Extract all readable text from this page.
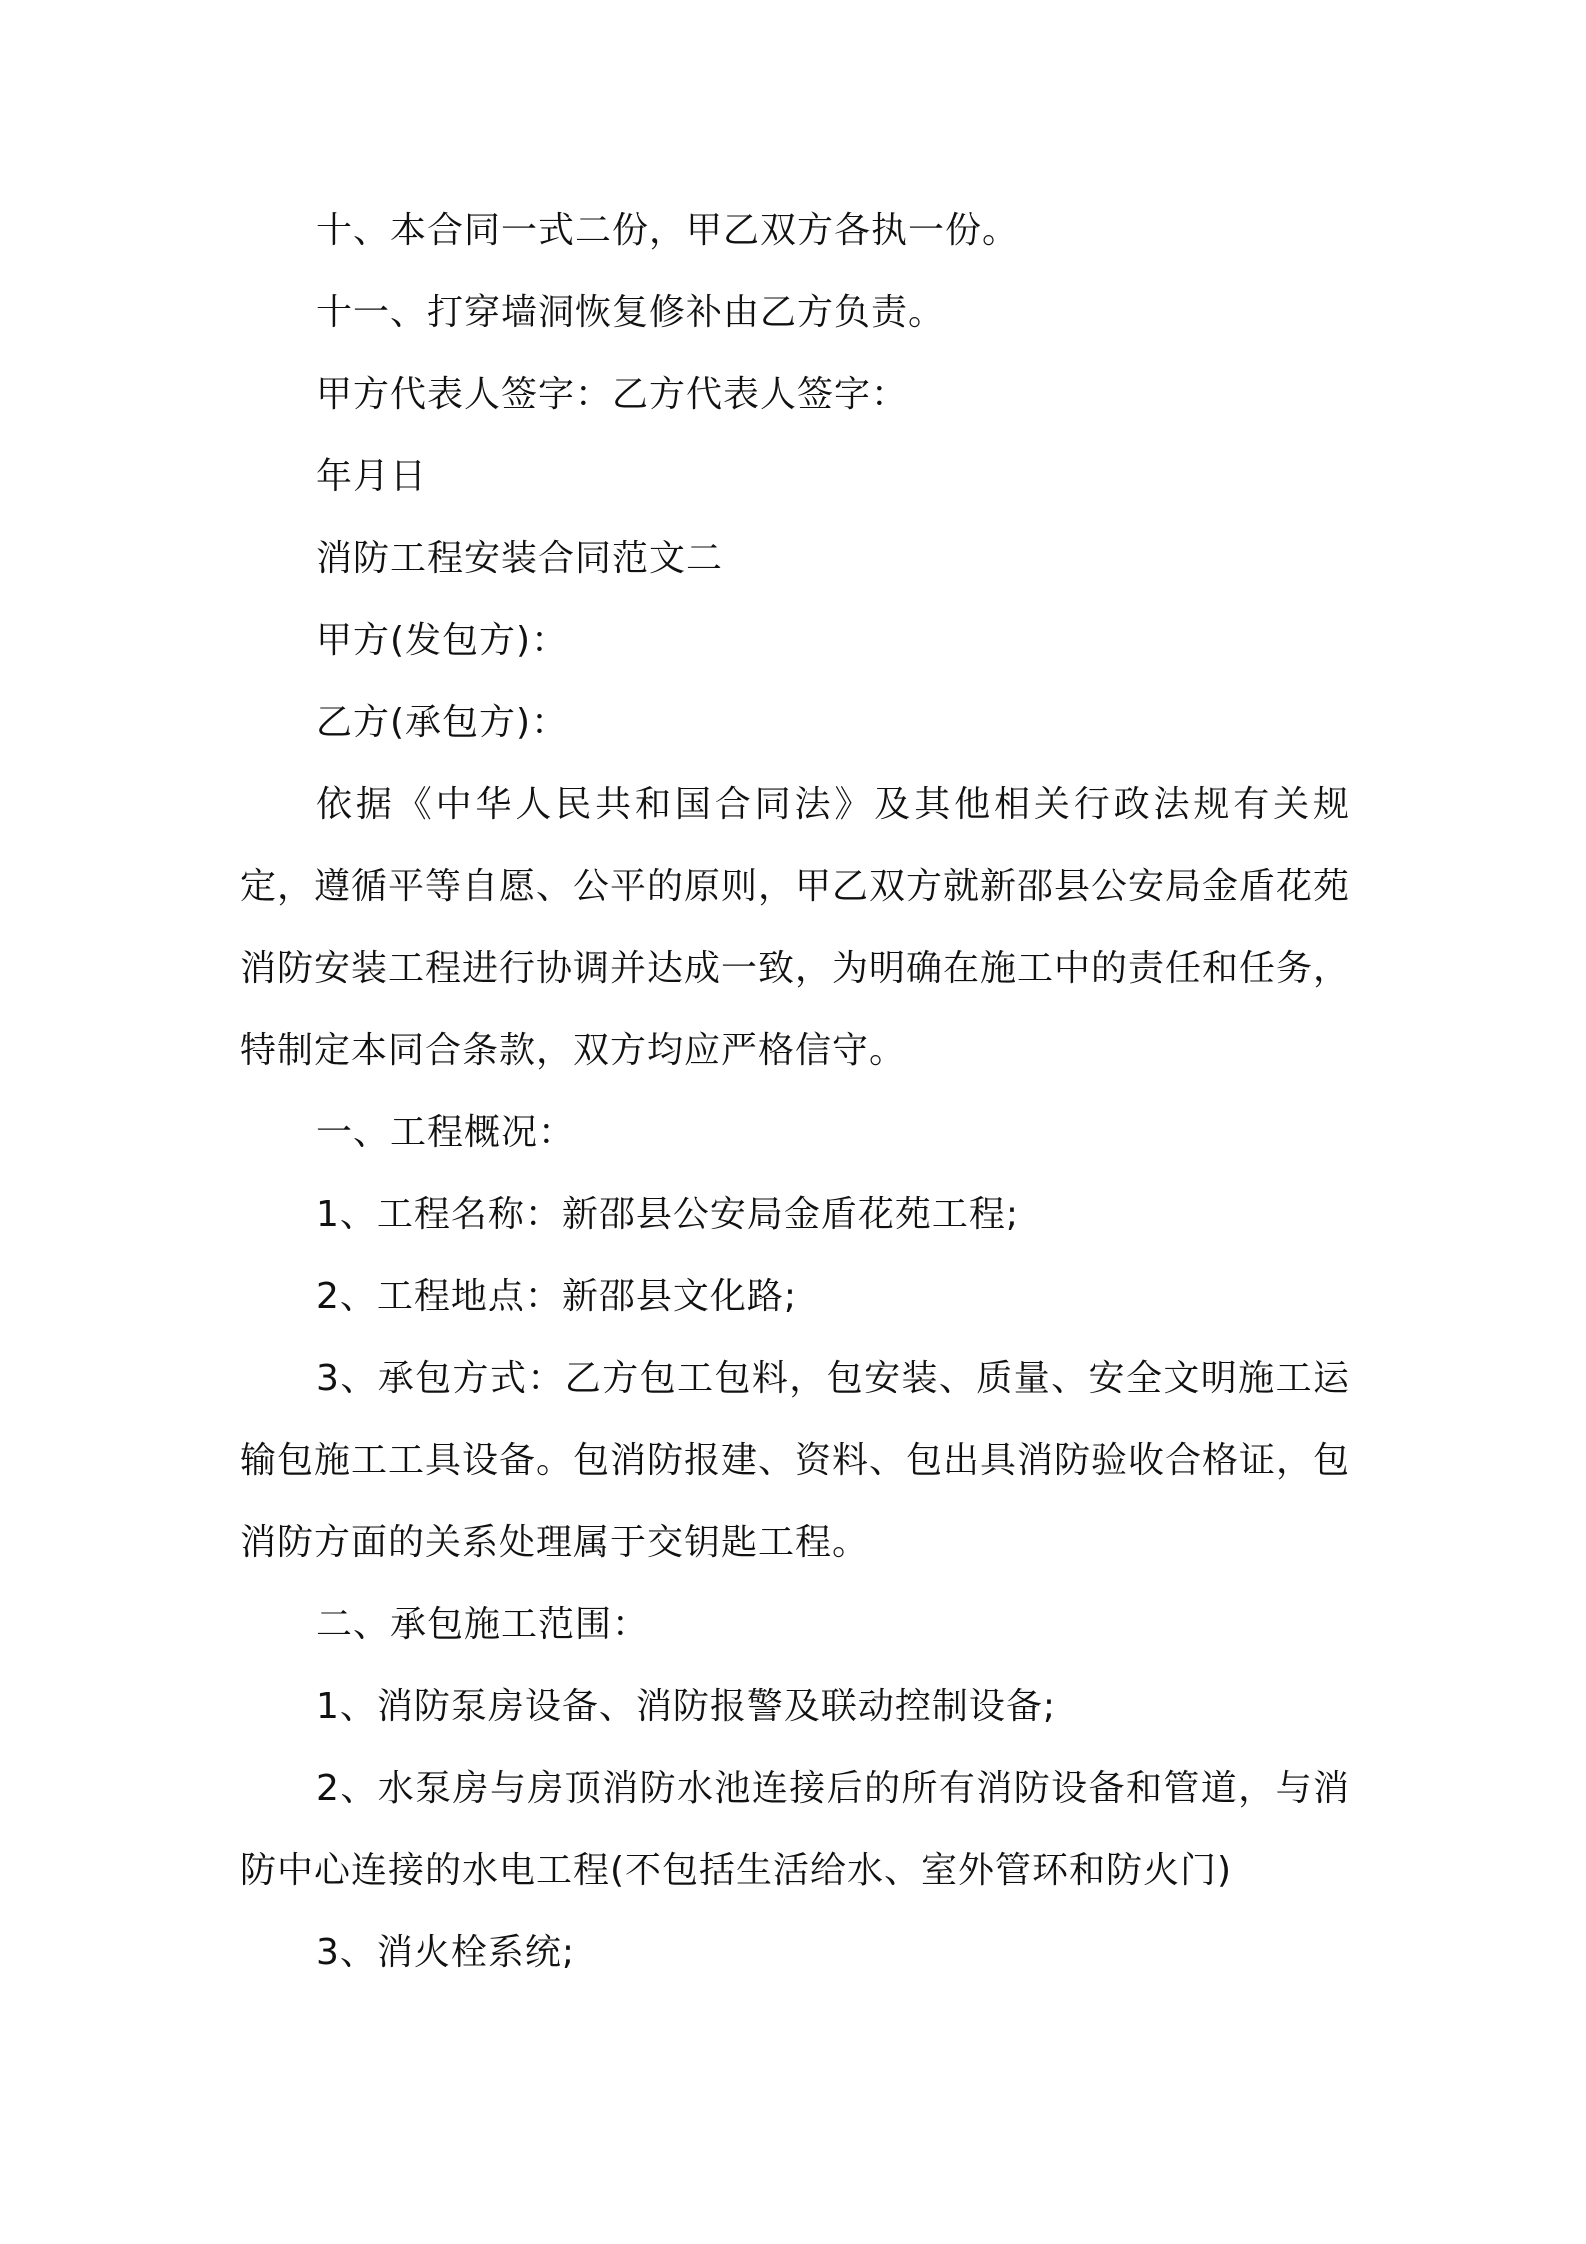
十、本合同一式二份，甲乙双方各执一份。

十一、打穿墙洞恢复修补由乙方负责。

甲方代表人签字：乙方代表人签字：

年月日

消防工程安装合同范文二

甲方(发包方)：

乙方(承包方)：

依据《中华人民共和国合同法》及其他相关行政法规有关规定，遵循平等自愿、公平的原则，甲乙双方就新邵县公安局金盾花苑消防安装工程进行协调并达成一致，为明确在施工中的责任和任务，特制定本同合条款，双方均应严格信守。

一、工程概况：

1、工程名称：新邵县公安局金盾花苑工程;

2、工程地点：新邵县文化路;

3、承包方式：乙方包工包料，包安装、质量、安全文明施工运输包施工工具设备。包消防报建、资料、包出具消防验收合格证，包消防方面的关系处理属于交钥匙工程。

二、承包施工范围：

1、消防泵房设备、消防报警及联动控制设备;

2、水泵房与房顶消防水池连接后的所有消防设备和管道，与消防中心连接的水电工程(不包括生活给水、室外管环和防火门)

3、消火栓系统;
